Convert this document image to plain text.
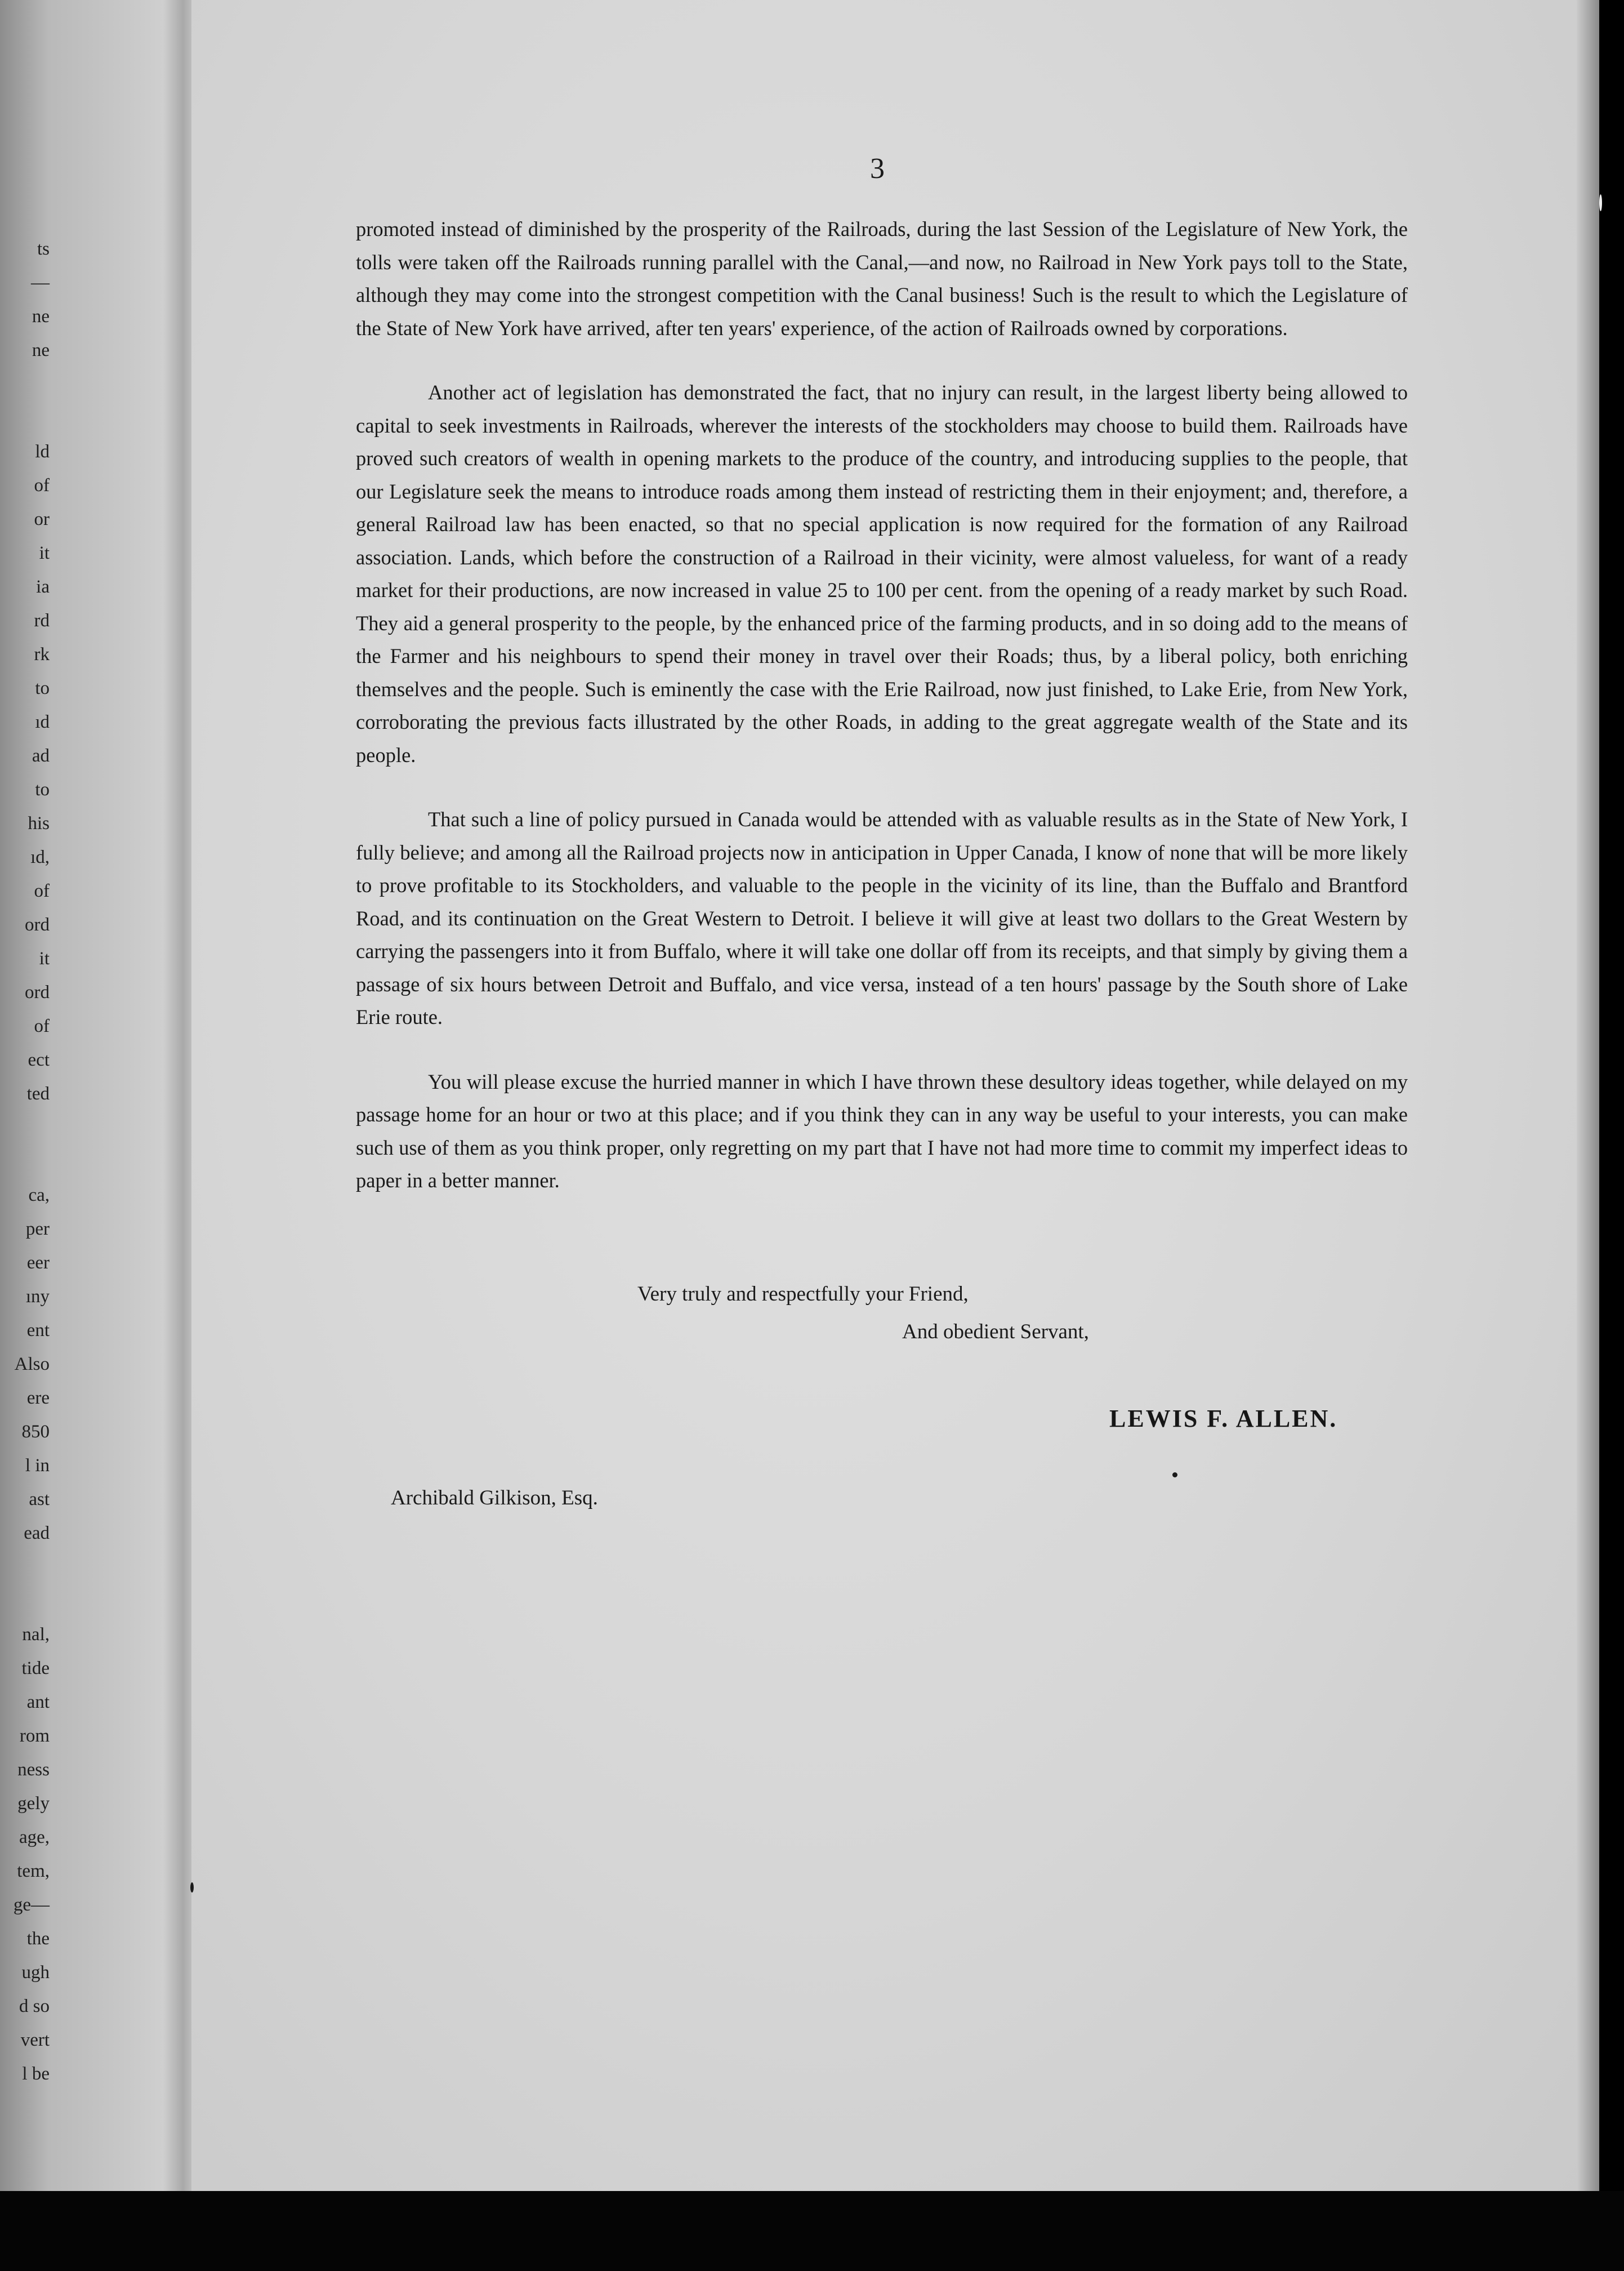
ts
—
ne
ne
ld
of
or
it
ia
rd
rk
to
ıd
ad
to
his
ıd,
of
ord
it
ord
of
ect
ted
ca,
per
eer
ıny
ent
Also
ere
850
l in
ast
ead
nal,
tide
ant
rom
ness
gely
age,
tem,
ge—
the
ugh
d so
vert
l be
3

promoted instead of diminished by the prosperity of the Railroads, during the last Session of the Legislature of New York, the tolls were taken off the Railroads running parallel with the Canal,—and now, no Railroad in New York pays toll to the State, although they may come into the strongest competition with the Canal business! Such is the result to which the Legislature of the State of New York have arrived, after ten years' experience, of the action of Railroads owned by corporations.

Another act of legislation has demonstrated the fact, that no injury can result, in the largest liberty being allowed to capital to seek investments in Railroads, wherever the interests of the stockholders may choose to build them. Railroads have proved such creators of wealth in opening markets to the produce of the country, and introducing supplies to the people, that our Legislature seek the means to introduce roads among them instead of restricting them in their enjoyment; and, therefore, a general Railroad law has been enacted, so that no special application is now required for the formation of any Railroad association. Lands, which before the construction of a Railroad in their vicinity, were almost valueless, for want of a ready market for their productions, are now increased in value 25 to 100 per cent. from the opening of a ready market by such Road. They aid a general prosperity to the people, by the enhanced price of the farming products, and in so doing add to the means of the Farmer and his neighbours to spend their money in travel over their Roads; thus, by a liberal policy, both enriching themselves and the people. Such is eminently the case with the Erie Railroad, now just finished, to Lake Erie, from New York, corroborating the previous facts illustrated by the other Roads, in adding to the great aggregate wealth of the State and its people.

That such a line of policy pursued in Canada would be attended with as valuable results as in the State of New York, I fully believe; and among all the Railroad projects now in anticipation in Upper Canada, I know of none that will be more likely to prove profitable to its Stockholders, and valuable to the people in the vicinity of its line, than the Buffalo and Brantford Road, and its continuation on the Great Western to Detroit. I believe it will give at least two dollars to the Great Western by carrying the passengers into it from Buffalo, where it will take one dollar off from its receipts, and that simply by giving them a passage of six hours between Detroit and Buffalo, and vice versa, instead of a ten hours' passage by the South shore of Lake Erie route.

You will please excuse the hurried manner in which I have thrown these desultory ideas together, while delayed on my passage home for an hour or two at this place; and if you think they can in any way be useful to your interests, you can make such use of them as you think proper, only regretting on my part that I have not had more time to commit my imperfect ideas to paper in a better manner.

Very truly and respectfully your Friend,
And obedient Servant,
LEWIS F. ALLEN.
Archibald Gilkison, Esq.
